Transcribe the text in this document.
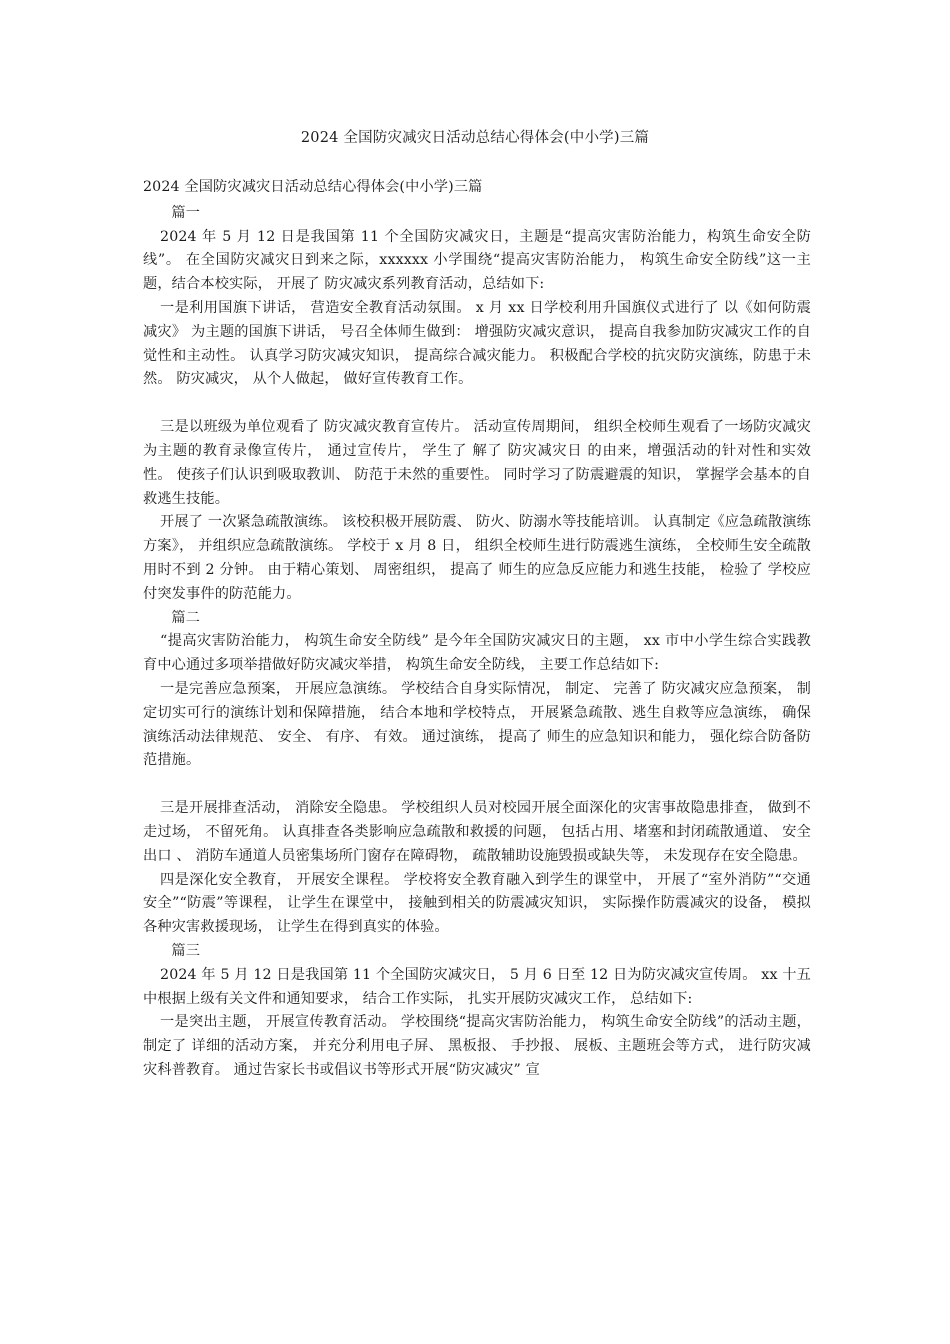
2024 全国防灾减灾日活动总结心得体会(中小学)三篇

2024 全国防灾减灾日活动总结心得体会(中小学)三篇

篇一

2024 年 5 月 12 日是我国第 11 个全国防灾减灾日，主题是“提高灾害防治能力，构筑生命安全防线”。 在全国防灾减灾日到来之际，xxxxxx 小学围绕“提高灾害防治能力， 构筑生命安全防线”这一主题，结合本校实际， 开展了 防灾减灾系列教育活动，总结如下:

一是利用国旗下讲话， 营造安全教育活动氛围。 x 月 xx 日学校利用升国旗仪式进行了 以《如何防震减灾》 为主题的国旗下讲话， 号召全体师生做到： 增强防灾减灾意识， 提高自我参加防灾减灾工作的自觉性和主动性。 认真学习防灾减灾知识， 提高综合减灾能力。 积极配合学校的抗灾防灾演练，防患于未然。 防灾减灾， 从个人做起， 做好宣传教育工作。

三是以班级为单位观看了 防灾减灾教育宣传片。 活动宣传周期间， 组织全校师生观看了一场防灾减灾为主题的教育录像宣传片， 通过宣传片， 学生了 解了 防灾减灾日 的由来，增强活动的针对性和实效性。 使孩子们认识到吸取教训、 防范于未然的重要性。 同时学习了防震避震的知识， 掌握学会基本的自救逃生技能。

开展了 一次紧急疏散演练。 该校积极开展防震、 防火、防溺水等技能培训。 认真制定《应急疏散演练方案》， 并组织应急疏散演练。 学校于 x 月 8 日， 组织全校师生进行防震逃生演练， 全校师生安全疏散用时不到 2 分钟。 由于精心策划、 周密组织， 提高了 师生的应急反应能力和逃生技能， 检验了 学校应付突发事件的防范能力。

篇二

“提高灾害防治能力， 构筑生命安全防线” 是今年全国防灾减灾日的主题， xx 市中小学生综合实践教育中心通过多项举措做好防灾减灾举措， 构筑生命安全防线， 主要工作总结如下:

一是完善应急预案， 开展应急演练。 学校结合自身实际情况， 制定、 完善了 防灾减灾应急预案， 制定切实可行的演练计划和保障措施， 结合本地和学校特点， 开展紧急疏散、逃生自救等应急演练， 确保演练活动法律规范、 安全、 有序、 有效。 通过演练， 提高了 师生的应急知识和能力， 强化综合防备防范措施。

三是开展排查活动， 消除安全隐患。 学校组织人员对校园开展全面深化的灾害事故隐患排查， 做到不走过场， 不留死角。 认真排查各类影响应急疏散和救援的问题， 包括占用、堵塞和封闭疏散通道、 安全出口 、 消防车通道人员密集场所门窗存在障碍物， 疏散辅助设施毁损或缺失等， 未发现存在安全隐患。

四是深化安全教育， 开展安全课程。 学校将安全教育融入到学生的课堂中， 开展了“室外消防”“交通安全”“防震”等课程， 让学生在课堂中， 接触到相关的防震减灾知识， 实际操作防震减灾的设备， 模拟各种灾害救援现场， 让学生在得到真实的体验。

篇三

2024 年 5 月 12 日是我国第 11 个全国防灾减灾日， 5 月 6 日至 12 日为防灾减灾宣传周。 xx 十五中根据上级有关文件和通知要求， 结合工作实际， 扎实开展防灾减灾工作， 总结如下:

一是突出主题， 开展宣传教育活动。 学校围绕“提高灾害防治能力， 构筑生命安全防线”的活动主题， 制定了 详细的活动方案， 并充分利用电子屏、 黑板报、 手抄报、 展板、主题班会等方式， 进行防灾减灾科普教育。 通过告家长书或倡议书等形式开展“防灾减灾” 宣
